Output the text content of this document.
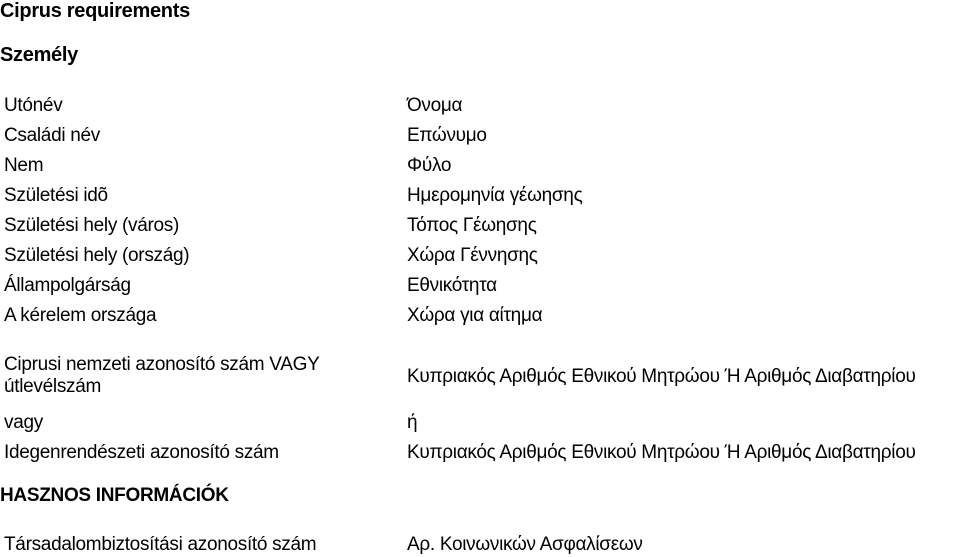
Ciprus requirements
Személy
Utónév	Όνομα
Családi név	Επώνυμο
Nem	Φύλο
Születési idõ	Ημερομηνία γέωησης
Születési hely (város)	Τόπος Γέωησης
Születési hely (ország)	Χώρα Γέννησης
Állampolgárság	Εθνικότητα
A kérelem országa	Χώρα για αίτημα
Ciprusi nemzeti azonosító szám VAGY útlevélszám	Κυπριακός Αριθμός Εθνικού Μητρώου Ή Αριθμός Διαβατηρίου
vagy	ή
Idegenrendészeti azonosító szám	Κυπριακός Αριθμός Εθνικού Μητρώου Ή Αριθμός Διαβατηρίου
HASZNOS INFORMÁCIÓK
Társadalombiztosítási azonosító szám	Αρ. Κοινωνικών Ασφαλίσεων
